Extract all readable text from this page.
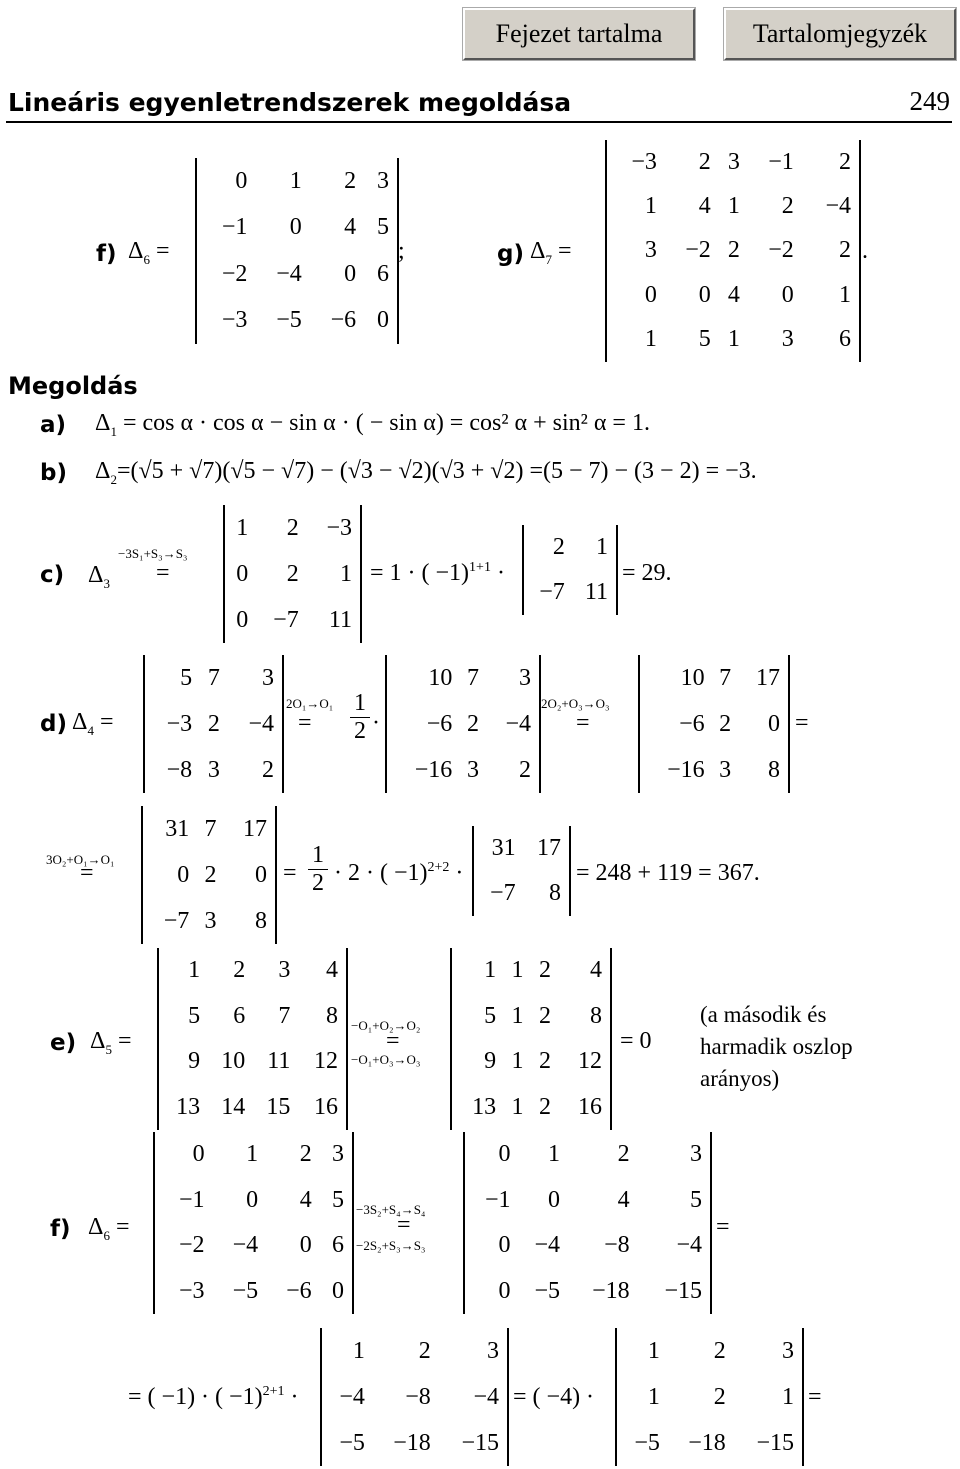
Fejezet tartalma	Tartalomjegyzék
Lineáris egyenletrendszerek megoldása	249
f) $\Delta_6$ =
0	1	2	3
−1	0	4	5
−2	−4	0	6
−3	−5	−6	0
;	g) $\Delta_7$ =
−3	2	3	−1	2
1	4	1	2	−4
3	−2	2	−2	2
0	0	4	0	1
1	5	1	3	6
.
Megoldás
a) $\Delta_1 = \cos \alpha \cdot \cos \alpha - \sin \alpha$ · ( − sin α) = cos² α + sin² α = 1.
b) $\Delta_2=(√5 + √7)(√5 - √7) - (√3 - √2)(√3 + √2) =(5 - 7) - (3 - 2) = -3$.
c) $\Delta_3$
−3S₁+S₃→S₃
=
1	2	−3
0	2	1
0	−7	11
= 1 · ( −1)$^{1+1}$ ·
2	1
−7	11
= 29.
d) $\Delta_4$ =
5	7	3
−3	2	−4
−8	3	2
2O₁→O₁
= $\frac{1}{2}$ ·
10	7	3
−6	2	−4
−16	3	2
2O₂+O₃→O₃
=
10	7	17
−6	2	0
−16	3	8
=
3O₂+O₁→O₁
=
31	7	17
0	2	0
−7	3	8
= $\frac{1}{2} \cdot 2$ · ( −1)$^{2+2}$ ·
31	17
−7	8
= 248 + 119 = 367.
e) $\Delta_5$ =
1	2	3	4
5	6	7	8
9	10	11	12
13	14	15	16
−O₁+O₂→O₂
=
−O₁+O₃→O₃
1	1	2	4
5	1	2	8
9	1	2	12
13	1	2	16
= 0
(a második és
harmadik oszlop
arányos)
f) $\Delta_6$ =
0	1	2	3
−1	0	4	5
−2	−4	0	6
−3	−5	−6	0
−3S₂+S₄→S₄
=
−2S₂+S₃→S₃
0	1	2	3
−1	0	4	5
0	−4	−8	−4
0	−5	−18	−15
=
= ( −1) · ( −1)$^{2+1}$ ·
1	2	3
−4	−8	−4
−5	−18	−15
= ( −4) ·
1	2	3
1	2	1
−5	−18	−15
=
